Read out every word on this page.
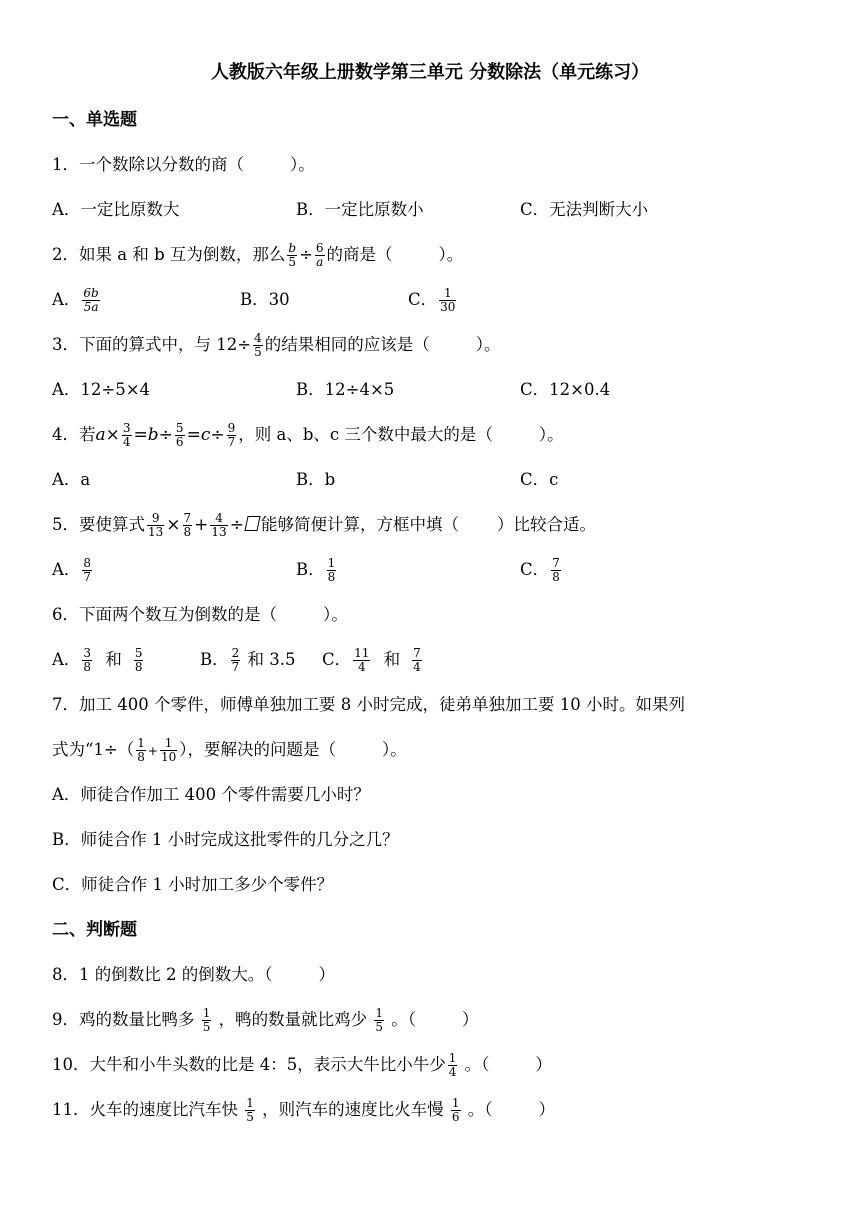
人教版六年级上册数学第三单元 分数除法（单元练习）
一、单选题
1．一个数除以分数的商（	）。
A．一定比原数大	B．一定比原数小	C．无法判断大小
2．如果 a 和 b 互为倒数，那么 $\frac{b}{5} \div \frac{6}{a}$ 的商是（	）。
A． $\frac{6b}{5a}$	B．30	C． $\frac{1}{30}$
3．下面的算式中，与 $12\div \frac{4}{5}$ 的结果相同的应该是（	）。
A．12÷5×4	B．12÷4×5	C．12×0.4
4．若$a\times \frac{3}{4} =b\div \frac{5}{6} =c\div \frac{9}{7}$ ，则 a、b、c 三个数中最大的是（	）。
A．a	B．b	C．c
5．要使算式 $\frac{9}{13} \times \frac{7}{8} + \frac{4}{13}$ ÷ 能够简便计算，方框中填（ ）比较合适。
A． $\frac{8}{7}$	B． $\frac{1}{8}$	C． $\frac{7}{8}$
6．下面两个数互为倒数的是（	）。
A． $\frac{3}{8}$ 和 $\frac{5}{8}$	B． $\frac{2}{7}$ 和 3.5 C． $\frac{11}{4}$ 和 $\frac{7}{4}$
7．加工 400 个零件，师傅单独加工要 8 小时完成，徒弟单独加工要 10 小时。如果列
式为“$1\div( \frac{1}{8} + \frac{1}{10}$ ），要解决的问题是（	）。
A．师徒合作加工 400 个零件需要几小时？
B．师徒合作 1 小时完成这批零件的几分之几？
C．师徒合作 1 小时加工多少个零件？
二、判断题
8．1 的倒数比 2 的倒数大。（	）
9．鸡的数量比鸭多 $\frac{1}{5}$ ，鸭的数量就比鸡少 $\frac{1}{5}$ 。（	）
10．大牛和小牛头数的比是 4：5，表示大牛比小牛少 $\frac{1}{4}$ 。（	）
11．火车的速度比汽车快 $\frac{1}{5}$ ，则汽车的速度比火车慢 $\frac{1}{6}$ 。（	）
